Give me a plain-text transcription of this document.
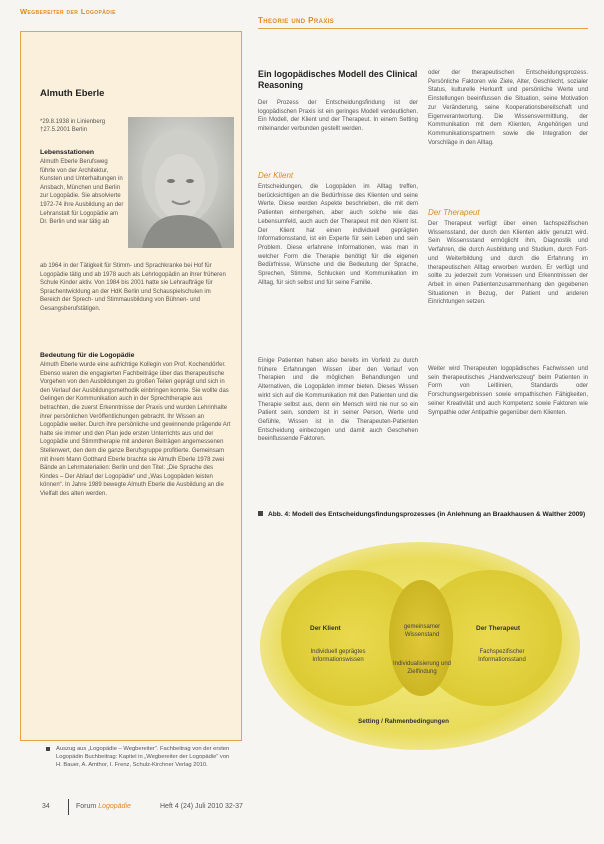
Wegbereiter der Logopädie
Theorie und Praxis
Almuth Eberle
*29.8.1938 in Linienberg
†27.5.2001 Berlin
Lebensstationen

Almuth Eberle Berufsweg führte von der Architektur, Kunsten und Unterhaltungen in Ansbach, München und Berlin zur Logopädie. Sie absolvierte 1972-74 ihre Ausbildung an der Lehranstalt für Logopädie am Dr. Berlin und war tätig ab

ab 1964 in der Tätigkeit für Stimm- und Sprachkranke bei Hof für Logopädie tätig und ab 1978 auch als Lehrlogopädin an ihrer früheren Schule Kinder aktiv. Von 1984 bis 2001 hatte sie Lehraufträge für Sprachentwicklung an der HdK Berlin und Schauspielschulen im Bereich der Sprech- und Stimmausbildung von Bühnen- und Gesangsberufstätigen.

Bedeutung für die Logopädie

Almuth Eberle wurde eine aufrichtige Kollegin von Prof. Kochendörfer. Ebenso waren die engagierten Fachbeiträge über das therapeutische Vorgehen von den Ausbildungen zu großen Teilen geprägt und sich in den Verlauf der Ausbildungsmethodik einbringen konnte. Sie wollte das Gelingen der Kommunikation auch in der Sprechtherapie aus betrachten, die zuerst Erkenntnisse der Praxis und wurden Lehrinhalte ihrer persönlichen Veröffentlichungen gebracht. Ihr Wissen an Logopädie weiter. Durch ihre persönliche und gewinnende prägende Art hatte sie immer und den Plan jede ersten Unterrichts aus und der Logopädie und Stimmtherapie mit anderen Beiträgen angemessenen Stellenwert, den dem die ganze Berufsgruppe profitierte. Gemeinsam mit ihrem Mann Gotthard Eberle brachte sie Almuth Eberle 1978 zwei Bände an Lehrmaterialien: Berlin und den Titel: „Die Sprache des Kindes – Der Ablauf der Logopädie“ und „Was Logopäden leisten können“. In Jahre 1989 bewegte Almuth Eberle die Ausbildung an die Vielfalt des alten werden.

Auszug aus „Logopädie – Wegbereiter“. Fachbeitrag von der ersten Logopädin Buchbeitrag: Kapitel in „Wegbereiter der Logopädie“ von H. Bauer, A. Amthor, I. Frenz, Schulz-Kirchner Verlag 2010.
Ein logopädisches Modell des Clinical Reasoning

Der Prozess der Entscheidungsfindung ist der logopädischen Praxis ist ein geringes Modell verdeutlichen. Ein Modell, der Klient und der Therapeut. In einem Setting miteinander verbunden gestellt werden.

Der Klient

Entscheidungen, die Logopäden im Alltag treffen, berücksichtigen an die Bedürfnisse des Klienten und seine Werte. Diese werden Aspekte beschrieben, die mit dem Patienten einhergehen, aber auch solche wie das Lebensumfeld, auch auch der Therapeut mit den Klient ist. Der Klient hat einen individuell geprägten Informationsstand, ist ein Experte für sein Leben und sein Problem. Diese erfahrene Informationen, was man in welcher Form die Therapie benötigt für die eigenen Bedürfnisse, Wünsche und die Bedeutung der Sprache, Sprechen, Stimme, Schlucken und Kommunikation im Alltag, für sich selbst und für seine Familie.

Einige Patienten haben also bereits im Vorfeld zu durch frühere Erfahrungen Wissen über den Verlauf von Therapien und die möglichen Behandlungen und Alternativen, die Logopäden immer bieten. Dieses Wissen wirkt sich auf die Kommunikation mit den Patienten und die Therapie selbst aus, denn ein Mensch wird nie nur so ein Patient sein, sondern ist in seiner Person, Werte und Gefühle, Wissen ist in die Therapeuten-Patienten Entscheidung einbezogen und damit auch Geschehen beeinflussende Faktoren.

oder der therapeutischen Entscheidungsprozess. Persönliche Faktoren wie Ziele, Alter, Geschlecht, sozialer Status, kulturelle Herkunft und persönliche Werte und Einstellungen beeinflussen die Situation, seine Motivation zur Veränderung, seine Kooperationsbereitschaft und Eigenverantwortung. Die Wissensvermittlung, der Kommunikation mit dem Klienten, Angehörigen und Kommunikationspartnern sowie die Integration der Vorschläge in den Alltag.

Der Therapeut

Der Therapeut verfügt über einen fachspezifischen Wissensstand, der durch den Klienten aktiv genutzt wird. Sein Wissensstand ermöglicht ihm, Diagnostik und Verfahren, die durch Ausbildung und Studium, durch Fort- und Weiterbildung und durch die Erfahrung im therapeutischen Alltag erworben wurden. Er verfügt und sollte zu jederzeit zum Vorwissen und Erkenntnissen der Arbeit in einen Patientenzusammenhang den gegebenen Situationen in Bezug, der Patient und anderen Einrichtungen setzen.

Weiter wird Therapeuten logopädisches Fachwissen und sein therapeutisches „Handwerkszeug“ beim Patienten in Form von Leitlinien, Standards oder Forschungsergebnissen sowie empathischen Fähigkeiten, seiner Kreativität und auch Kompetenz sowie Faktoren wie Sympathie oder Antipathie gegenüber dem Klienten.

Abb. 4: Modell des Entscheidungsfindungsprozesses (in Anlehnung an Braakhausen & Walther 2009)
Der Klient
Individuell geprägtes Informationswissen
Der Therapeut
Fachspezifischer Informationsstand
gemeinsamer Wissenstand
Individualisierung und Zielfindung
Setting / Rahmenbedingungen
34	Forum Logopädie	Heft 4 (24) Juli 2010 32-37
